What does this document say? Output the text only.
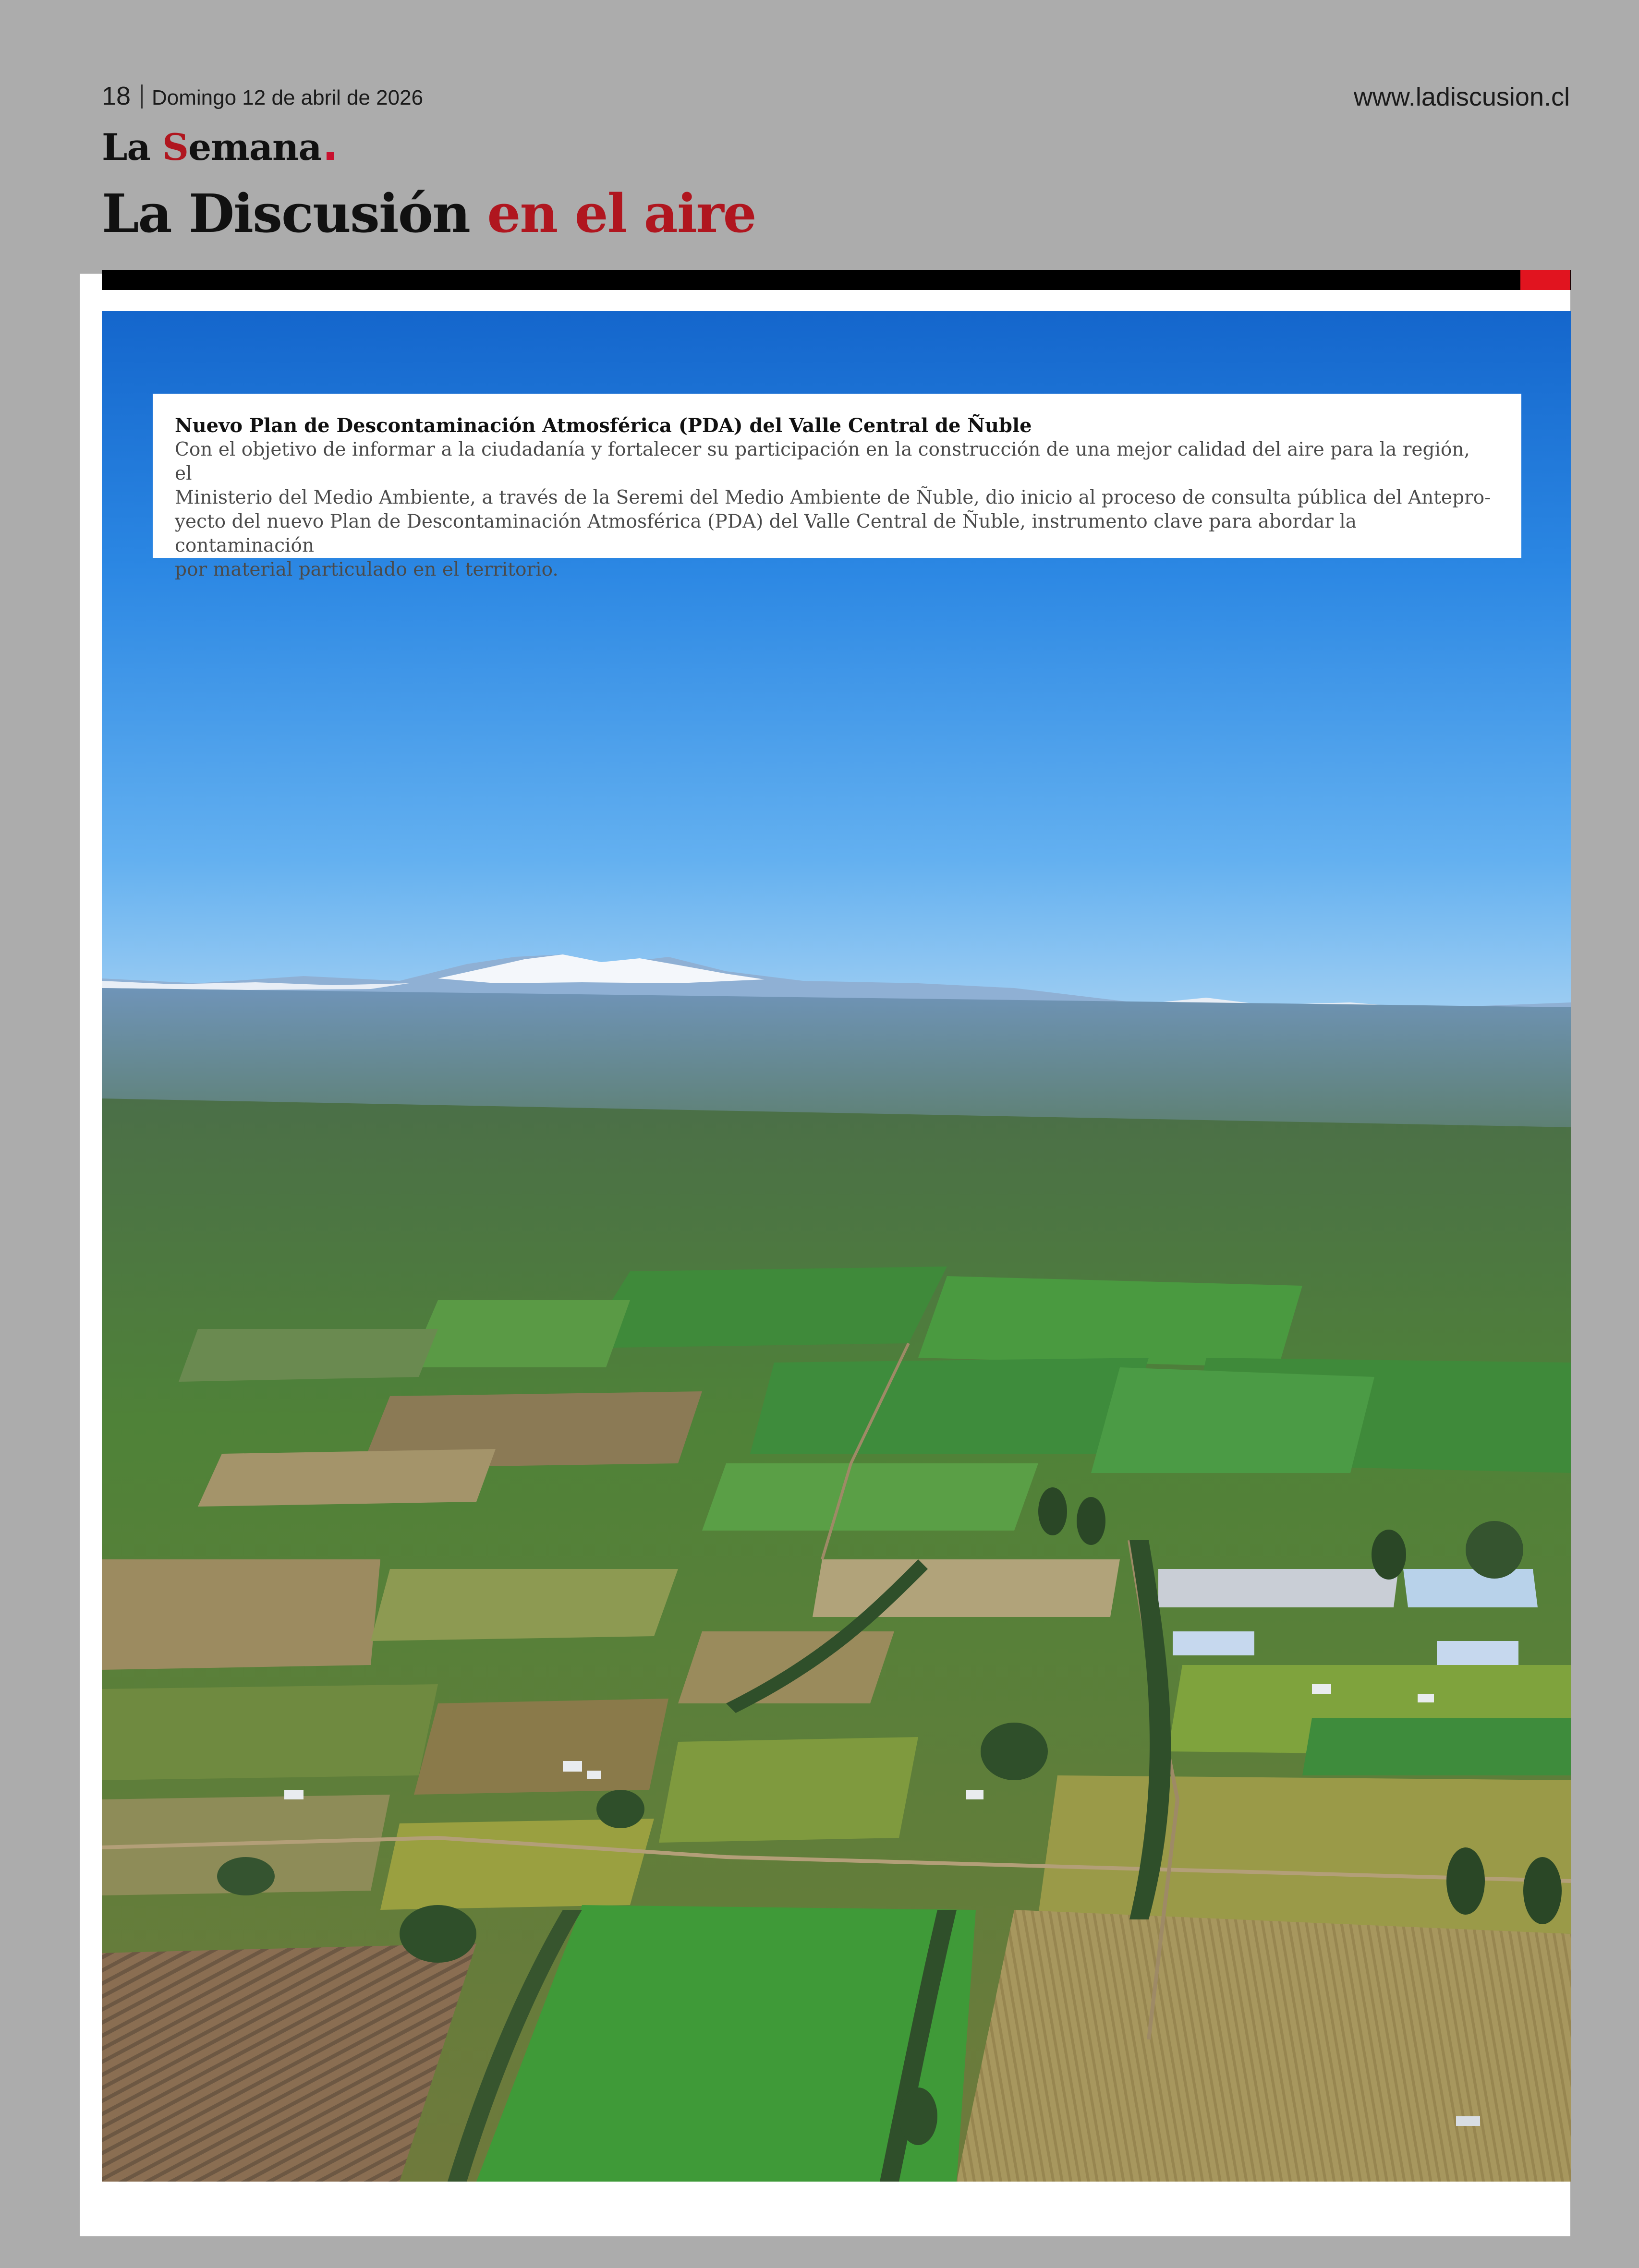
18 Domingo 12 de abril de 2026	www.ladiscusion.cl
La Semana
La Discusión en el aire
Nuevo Plan de Descontaminación Atmosférica (PDA) del Valle Central de Ñuble
Con el objetivo de informar a la ciudadanía y fortalecer su participación en la construcción de una mejor calidad del aire para la región, el
Ministerio del Medio Ambiente, a través de la Seremi del Medio Ambiente de Ñuble, dio inicio al proceso de consulta pública del Antepro-
yecto del nuevo Plan de Descontaminación Atmosférica (PDA) del Valle Central de Ñuble, instrumento clave para abordar la contaminación
por material particulado en el territorio.
